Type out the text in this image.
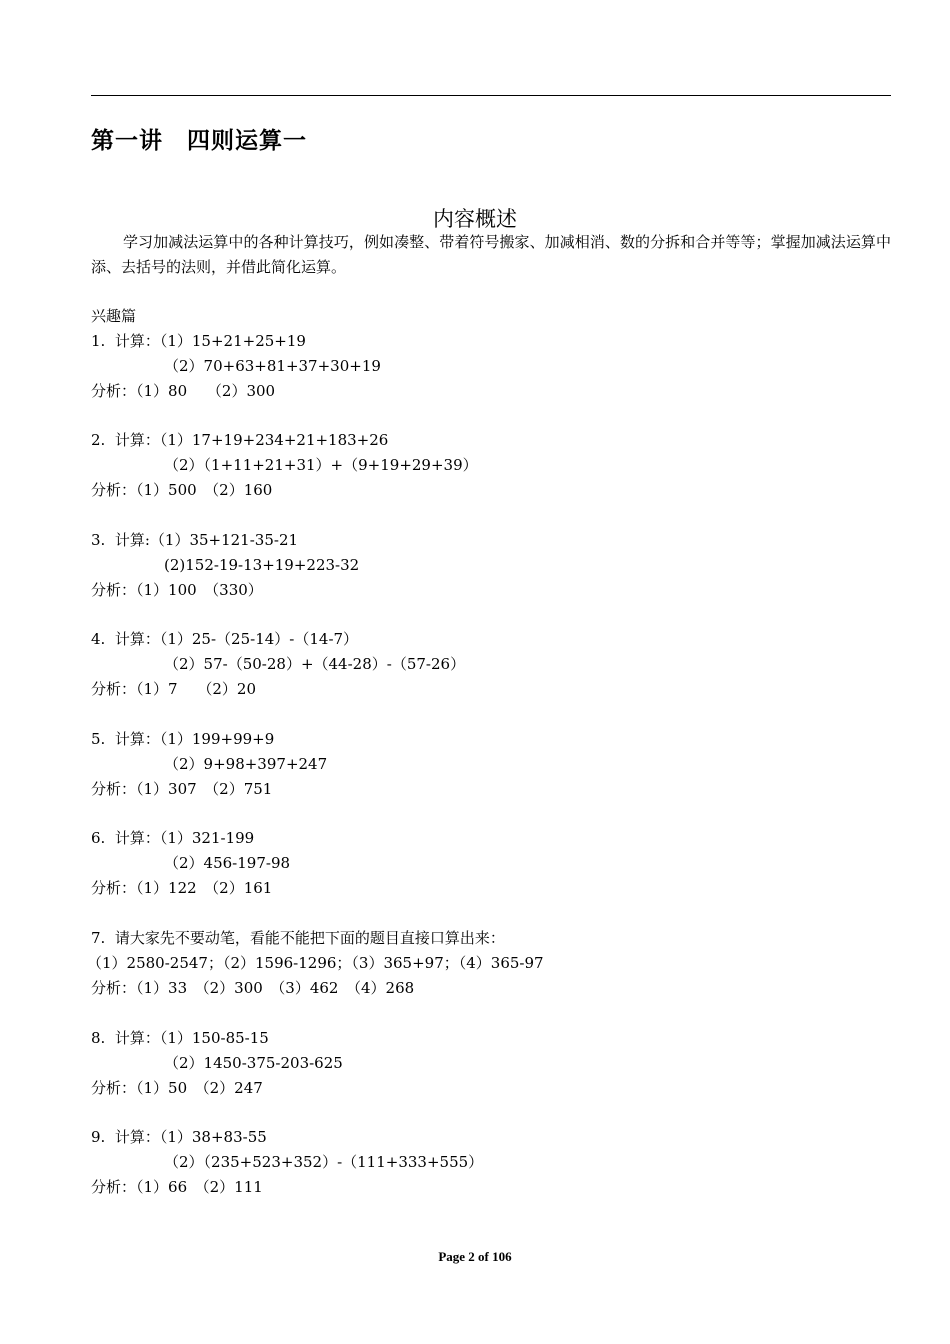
第一讲　四则运算一
内容概述
学习加减法运算中的各种计算技巧，例如凑整、带着符号搬家、加减相消、数的分拆和合并等等；掌握加减法运算中添、去括号的法则，并借此简化运算。
兴趣篇
1.  计算：（1）15+21+25+19
（2）70+63+81+37+30+19
分析：（1）80　 （2）300
2.  计算：（1）17+19+234+21+183+26
（2）（1+11+21+31）+（9+19+29+39）
分析：（1）500　（2）160
3.  计算:（1）35+121-35-21
(2)152-19-13+19+223-32
分析：（1）100　（330）
4.  计算：（1）25-（25-14）-（14-7）
（2）57-（50-28）+（44-28）-（57-26）
分析：（1）7　 （2）20
5.  计算：（1）199+99+9
（2）9+98+397+247
分析：（1）307　（2）751
6.  计算：（1）321-199
（2）456-197-98
分析：（1）122　（2）161
7.  请大家先不要动笔，看能不能把下面的题目直接口算出来：
（1）2580-2547；（2）1596-1296；（3）365+97；（4）365-97
分析：（1）33　（2）300　（3）462　（4）268
8.  计算：（1）150-85-15
（2）1450-375-203-625
分析：（1）50　（2）247
9.  计算：（1）38+83-55
（2）（235+523+352）-（111+333+555）
分析：（1）66　（2）111
Page 2 of 106
